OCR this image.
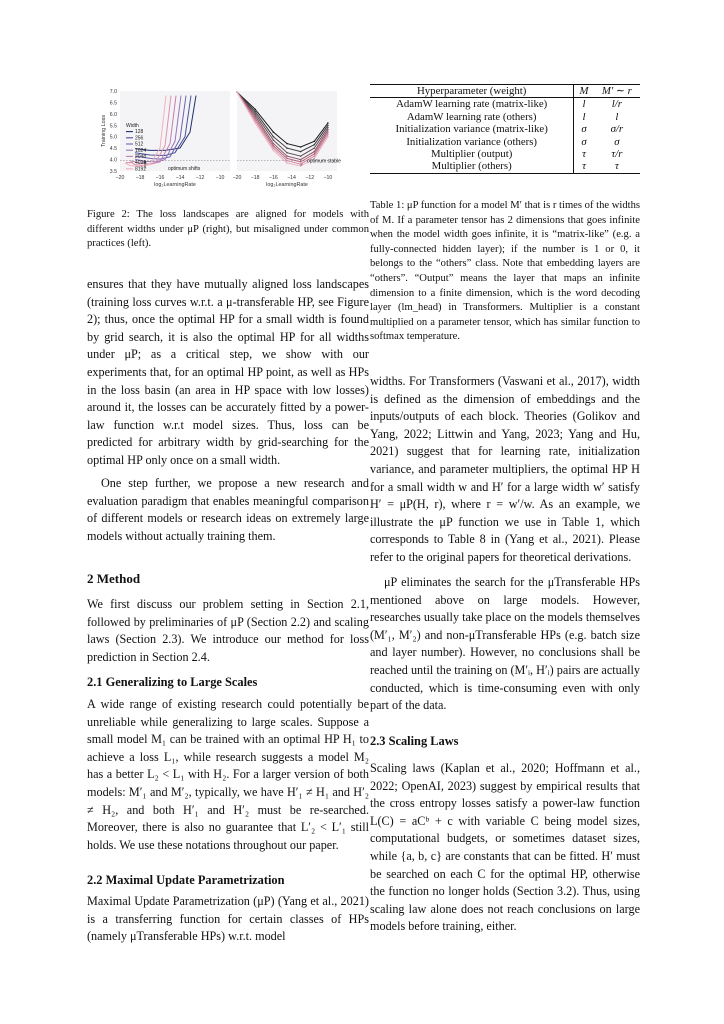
−20 −18 −16 −14 −12 −10
7.0
6.5
6.0
5.5
5.0
4.5
4.0
3.5
Training Loss
log₂LearningRate
optimum shifts
Width
128
256
512
1024
2048
4096
8192
−20 −18 −16 −14 −12 −10
log₂LearningRate
optimum stable

Figure 2: The loss landscapes are aligned for models with different widths under μP (right), but misaligned under common practices (left).

ensures that they have mutually aligned loss landscapes (training loss curves w.r.t. a μ-transferable HP, see Figure 2); thus, once the optimal HP for a small width is found by grid search, it is also the optimal HP for all widths under μP; as a critical step, we show with our experiments that, for an optimal HP point, as well as HPs in the loss basin (an area in HP space with low losses) around it, the losses can be accurately fitted by a power-law function w.r.t model sizes. Thus, loss can be predicted for arbitrary width by grid-searching for the optimal HP only once on a small width.

One step further, we propose a new research and evaluation paradigm that enables meaningful comparison of different models or research ideas on extremely large models without actually training them.

2 Method

We first discuss our problem setting in Section 2.1, followed by preliminaries of μP (Section 2.2) and scaling laws (Section 2.3). We introduce our method for loss prediction in Section 2.4.

2.1 Generalizing to Large Scales

A wide range of existing research could potentially be unreliable while generalizing to large scales. Suppose a small model M₁ can be trained with an optimal HP H₁ to achieve a loss L₁, while research suggests a model M₂ has a better L₂ < L₁ with H₂. For a larger version of both models: M′₁ and M′₂, typically, we have H′₁ ≠ H₁ and H′₂ ≠ H₂, and both H′₁ and H′₂ must be re-searched. Moreover, there is also no guarantee that L′₂ < L′₁ still holds. We use these notations throughout our paper.

2.2 Maximal Update Parametrization

Maximal Update Parametrization (μP) (Yang et al., 2021) is a transferring function for certain classes of HPs (namely μTransferable HPs) w.r.t. model

Hyperparameter (weight)	M	M′ ∼ r
AdamW learning rate (matrix-like)	l	l/r
AdamW learning rate (others)	l	l
Initialization variance (matrix-like)	σ	σ/r
Initialization variance (others)	σ	σ
Multiplier (output)	τ	τ/r
Multiplier (others)	τ	τ

Table 1: μP function for a model M′ that is r times of the widths of M. If a parameter tensor has 2 dimensions that goes infinite when the model width goes infinite, it is “matrix-like” (e.g. a fully-connected hidden layer); if the number is 1 or 0, it belongs to the “others” class. Note that embedding layers are “others”. “Output” means the layer that maps an infinite dimension to a finite dimension, which is the word decoding layer (lm_head) in Transformers. Multiplier is a constant multiplied on a parameter tensor, which has similar function to softmax temperature.

widths. For Transformers (Vaswani et al., 2017), width is defined as the dimension of embeddings and the inputs/outputs of each block. Theories (Golikov and Yang, 2022; Littwin and Yang, 2023; Yang and Hu, 2021) suggest that for learning rate, initialization variance, and parameter multipliers, the optimal HP H for a small width w and H′ for a large width w′ satisfy H′ = μP(H, r), where r = w′/w. As an example, we illustrate the μP function we use in Table 1, which corresponds to Table 8 in (Yang et al., 2021). Please refer to the original papers for theoretical derivations.

μP eliminates the search for the μTransferable HPs mentioned above on large models. However, researches usually take place on the models themselves (M′₁, M′₂) and non-μTransferable HPs (e.g. batch size and layer number). However, no conclusions shall be reached until the training on (M′ᵢ, H′ᵢ) pairs are actually conducted, which is time-consuming even with only part of the data.

2.3 Scaling Laws

Scaling laws (Kaplan et al., 2020; Hoffmann et al., 2022; OpenAI, 2023) suggest by empirical results that the cross entropy losses satisfy a power-law function L(C) = aCᵇ + c with variable C being model sizes, computational budgets, or sometimes dataset sizes, while {a, b, c} are constants that can be fitted. H′ must be searched on each C for the optimal HP, otherwise the function no longer holds (Section 3.2). Thus, using scaling law alone does not reach conclusions on large models before training, either.
